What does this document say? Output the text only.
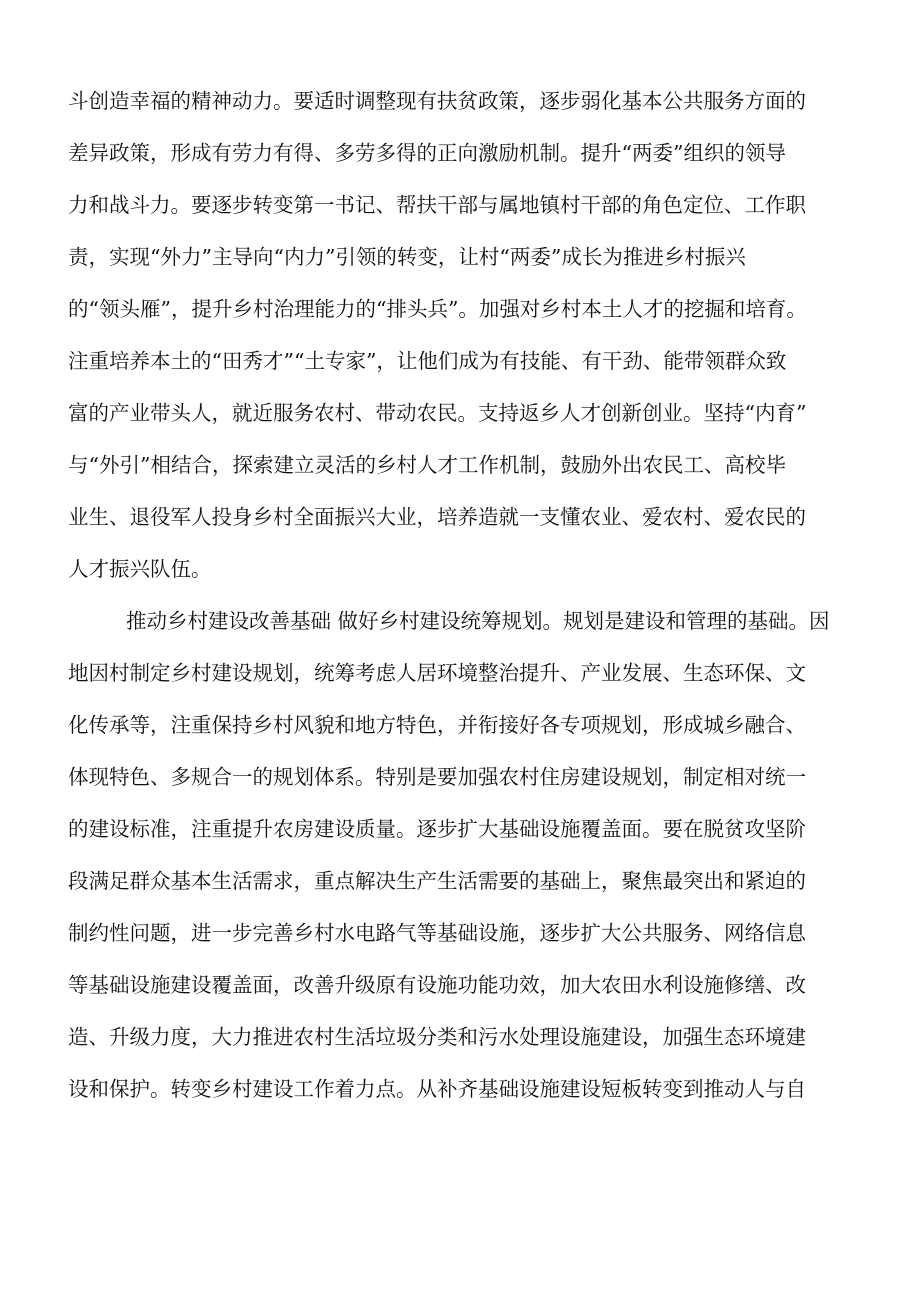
斗创造幸福的精神动力。要适时调整现有扶贫政策，逐步弱化基本公共服务方面的
差异政策，形成有劳力有得、多劳多得的正向激励机制。提升“两委”组织的领导
力和战斗力。要逐步转变第一书记、帮扶干部与属地镇村干部的角色定位、工作职
责，实现“外力”主导向“内力”引领的转变，让村“两委”成长为推进乡村振兴
的“领头雁”，提升乡村治理能力的“排头兵”。加强对乡村本土人才的挖掘和培育。
注重培养本土的“田秀才”“土专家”，让他们成为有技能、有干劲、能带领群众致
富的产业带头人，就近服务农村、带动农民。支持返乡人才创新创业。坚持“内育”
与“外引”相结合，探索建立灵活的乡村人才工作机制，鼓励外出农民工、高校毕
业生、退役军人投身乡村全面振兴大业，培养造就一支懂农业、爱农村、爱农民的
人才振兴队伍。
推动乡村建设改善基础 做好乡村建设统筹规划。规划是建设和管理的基础。因
地因村制定乡村建设规划，统筹考虑人居环境整治提升、产业发展、生态环保、文
化传承等，注重保持乡村风貌和地方特色，并衔接好各专项规划，形成城乡融合、
体现特色、多规合一的规划体系。特别是要加强农村住房建设规划，制定相对统一
的建设标准，注重提升农房建设质量。逐步扩大基础设施覆盖面。要在脱贫攻坚阶
段满足群众基本生活需求，重点解决生产生活需要的基础上，聚焦最突出和紧迫的
制约性问题，进一步完善乡村水电路气等基础设施，逐步扩大公共服务、网络信息
等基础设施建设覆盖面，改善升级原有设施功能功效，加大农田水利设施修缮、改
造、升级力度，大力推进农村生活垃圾分类和污水处理设施建设，加强生态环境建
设和保护。转变乡村建设工作着力点。从补齐基础设施建设短板转变到推动人与自
